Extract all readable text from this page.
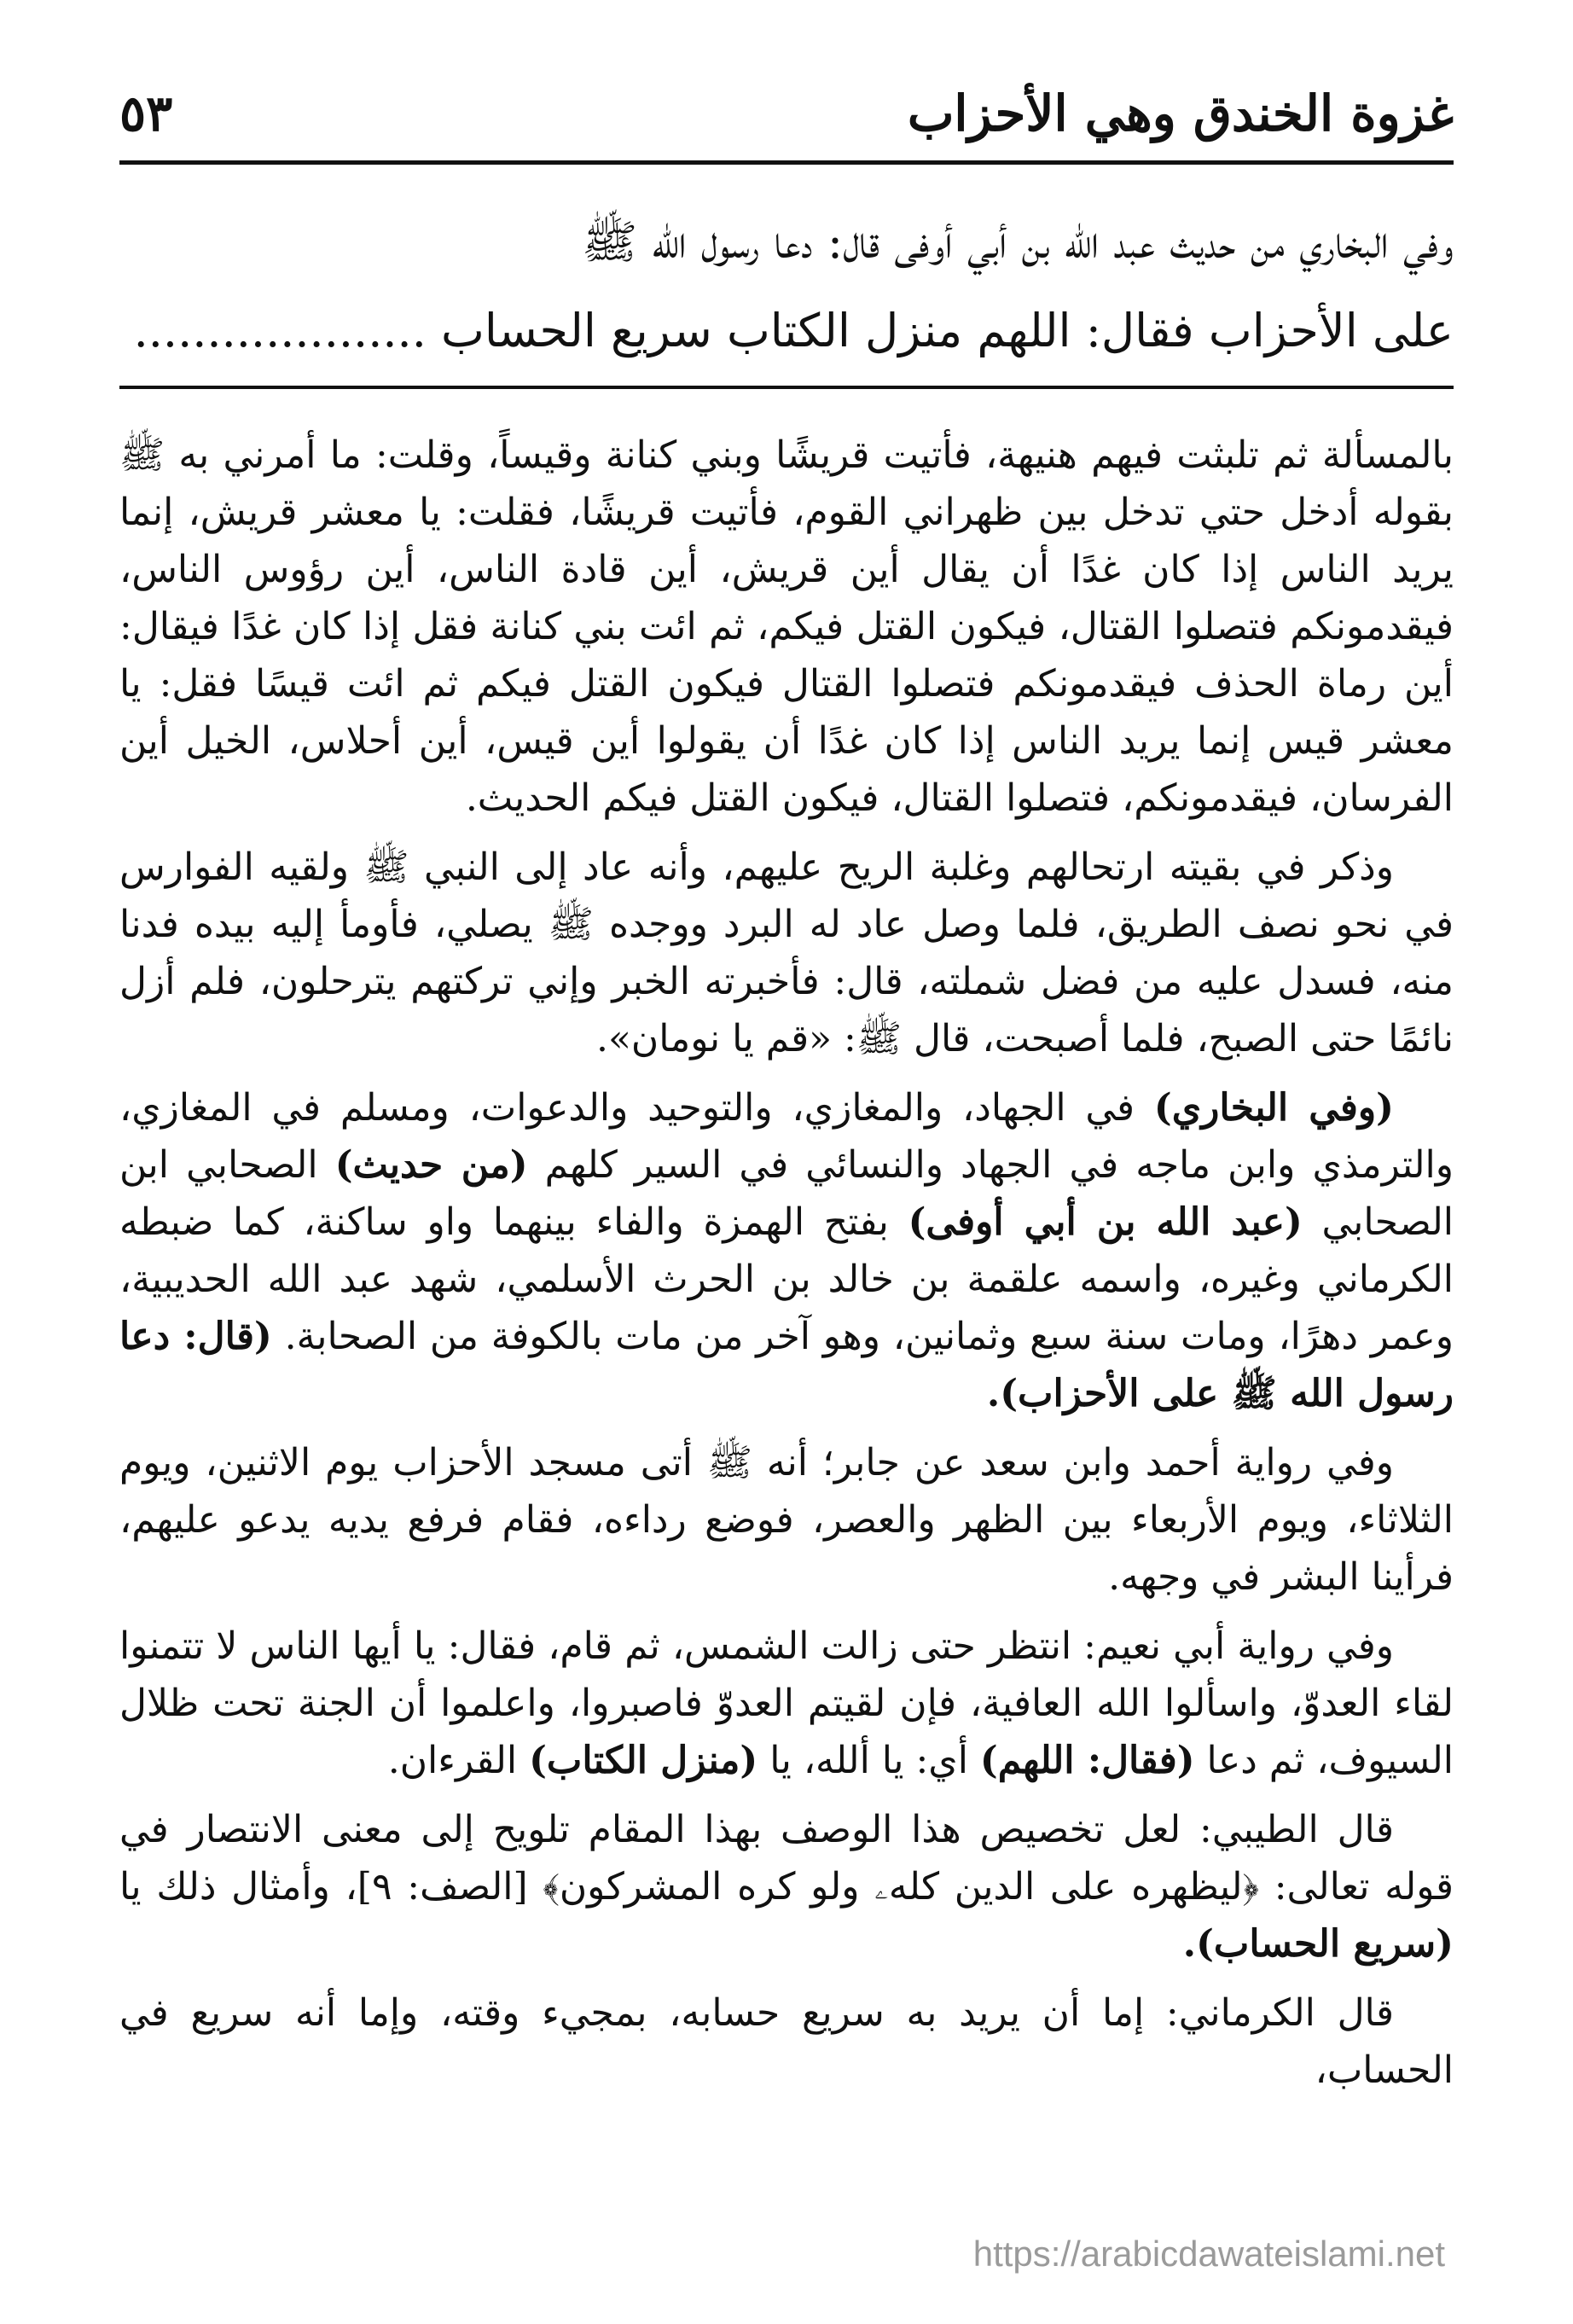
غزوة الخندق وهي الأحزاب
٥٣

وفي البخاري من حديث عبد الله بن أبي أوفى قال: دعا رسول الله ﷺ

على الأحزاب فقال: اللهم منزل الكتاب سريع الحساب ....................

بالمسألة ثم تلبثت فيهم هنيهة، فأتيت قريشًا وبني كنانة وقيساً، وقلت: ما أمرني به ﷺ بقوله أدخل حتي تدخل بين ظهراني القوم، فأتيت قريشًا، فقلت: يا معشر قريش، إنما يريد الناس إذا كان غدًا أن يقال أين قريش، أين قادة الناس، أين رؤوس الناس، فيقدمونكم فتصلوا القتال، فيكون القتل فيكم، ثم ائت بني كنانة فقل إذا كان غدًا فيقال: أين رماة الحذف فيقدمونكم فتصلوا القتال فيكون القتل فيكم ثم ائت قيسًا فقل: يا معشر قيس إنما يريد الناس إذا كان غدًا أن يقولوا أين قيس، أين أحلاس، الخيل أين الفرسان، فيقدمونكم، فتصلوا القتال، فيكون القتل فيكم الحديث.

وذكر في بقيته ارتحالهم وغلبة الريح عليهم، وأنه عاد إلى النبي ﷺ ولقيه الفوارس في نحو نصف الطريق، فلما وصل عاد له البرد ووجده ﷺ يصلي، فأومأ إليه بيده فدنا منه، فسدل عليه من فضل شملته، قال: فأخبرته الخبر وإني تركتهم يترحلون، فلم أزل نائمًا حتى الصبح، فلما أصبحت، قال ﷺ: «قم يا نومان».

(وفي البخاري) في الجهاد، والمغازي، والتوحيد والدعوات، ومسلم في المغازي، والترمذي وابن ماجه في الجهاد والنسائي في السير كلهم (من حديث) الصحابي ابن الصحابي (عبد الله بن أبي أوفى) بفتح الهمزة والفاء بينهما واو ساكنة، كما ضبطه الكرماني وغيره، واسمه علقمة بن خالد بن الحرث الأسلمي، شهد عبد الله الحديبية، وعمر دهرًا، ومات سنة سبع وثمانين، وهو آخر من مات بالكوفة من الصحابة. (قال: دعا رسول الله ﷺ على الأحزاب).

وفي رواية أحمد وابن سعد عن جابر؛ أنه ﷺ أتى مسجد الأحزاب يوم الاثنين، ويوم الثلاثاء، ويوم الأربعاء بين الظهر والعصر، فوضع رداءه، فقام فرفع يديه يدعو عليهم، فرأينا البشر في وجهه.

وفي رواية أبي نعيم: انتظر حتى زالت الشمس، ثم قام، فقال: يا أيها الناس لا تتمنوا لقاء العدوّ، واسألوا الله العافية، فإن لقيتم العدوّ فاصبروا، واعلموا أن الجنة تحت ظلال السيوف، ثم دعا (فقال: اللهم) أي: يا ألله، يا (منزل الكتاب) القرءان.

قال الطيبي: لعل تخصيص هذا الوصف بهذا المقام تلويح إلى معنى الانتصار في قوله تعالى: ﴿ليظهره على الدين كلهۦ ولو كره المشركون﴾ [الصف: ٩]، وأمثال ذلك يا (سريع الحساب).

قال الكرماني: إما أن يريد به سريع حسابه، بمجيء وقته، وإما أنه سريع في الحساب،

https://arabicdawateislami.net
